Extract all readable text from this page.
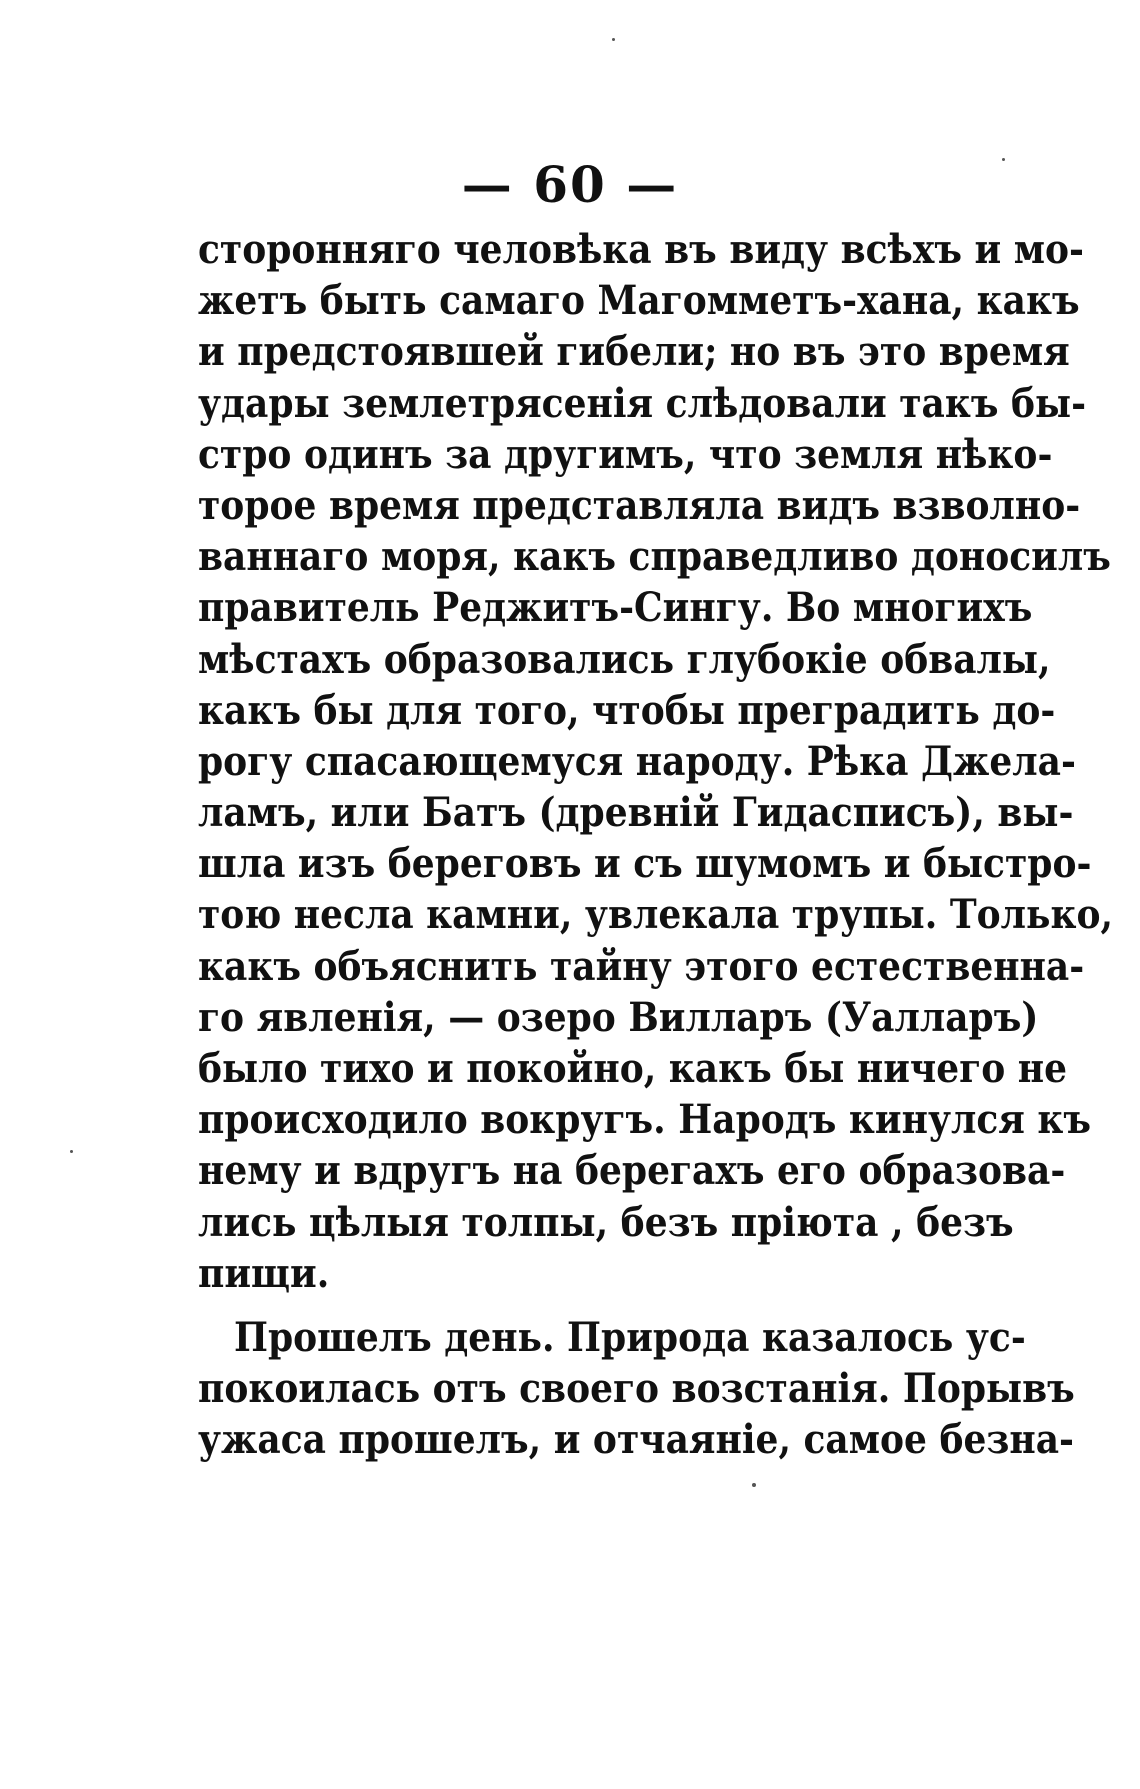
— 60 —
стороннягo человѣка въ виду всѣхъ и мо-
жетъ быть самаго Магомметъ-хана, какъ
и предстоявшей гибели; но въ это время
удары землетрясенія слѣдовали такъ бы-
стро одинъ за другимъ, что земля нѣко-
торое время представляла видъ взволно-
ваннаго моря, какъ справедливо доносилъ
правитель Реджитъ-Сингу. Во многихъ
мѣстахъ образовались глубокіе обвалы,
какъ бы для того, чтобы преградить до-
рогу спасающемуся народу. Рѣка Джела-
ламъ, или Батъ (древній Гидасписъ), вы-
шла изъ береговъ и съ шумомъ и быстро-
тою несла камни, увлекала трупы. Только,
какъ объяснить тайну этого естественна-
го явленія, — озеро Вилларъ (Уалларъ)
было тихо и покойно, какъ бы ничего не
происходило вокругъ. Народъ кинулся къ
нему и вдругъ на берегахъ его образова-
лись цѣлыя толпы, безъ пріюта , безъ
пищи.
Прошелъ день. Природа казалось ус-
покоилась отъ своего возстанія. Порывъ
ужаса прошелъ, и отчаяніе, самое безна-
